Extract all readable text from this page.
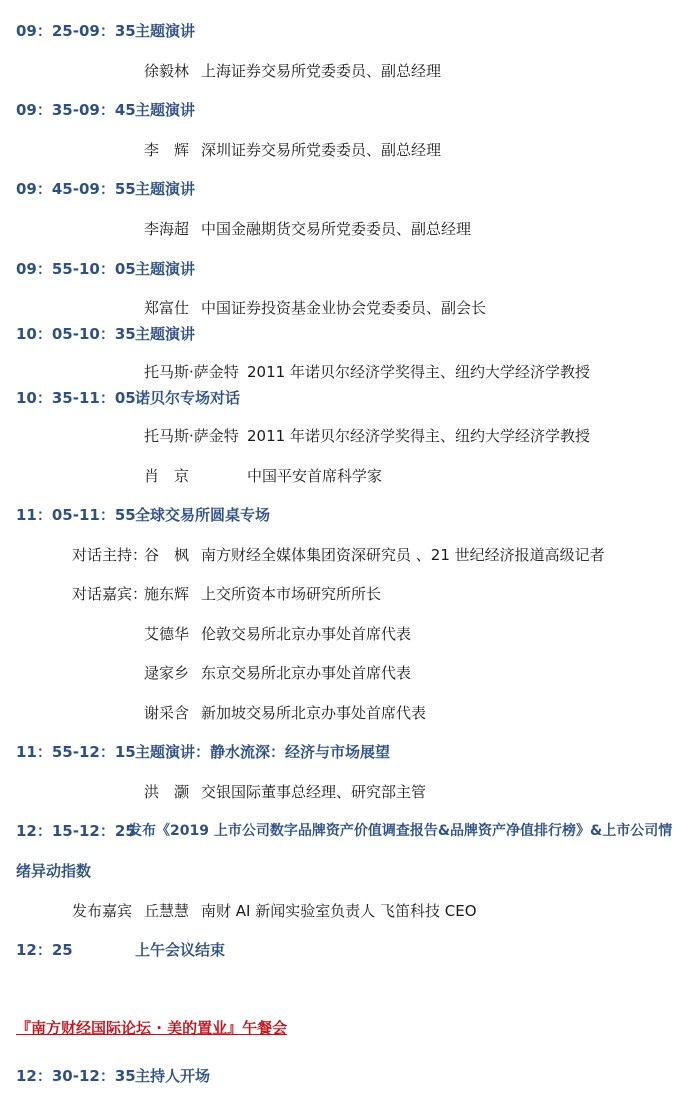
09：25-09：35 主题演讲
徐毅林 上海证券交易所党委委员、副总经理
09：35-09：45 主题演讲
李　辉 深圳证券交易所党委委员、副总经理
09：45-09：55 主题演讲
李海超 中国金融期货交易所党委委员、副总经理
09：55-10：05 主题演讲
郑富仕 中国证券投资基金业协会党委委员、副会长
10：05-10：35 主题演讲
托马斯·萨金特 2011 年诺贝尔经济学奖得主、纽约大学经济学教授
10：35-11：05 诺贝尔专场对话
托马斯·萨金特 2011 年诺贝尔经济学奖得主、纽约大学经济学教授
肖　京	中国平安首席科学家
11：05-11：55 全球交易所圆桌专场
对话主持：
谷　枫 南方财经全媒体集团资深研究员 、21 世纪经济报道高级记者
对话嘉宾：
施东辉 上交所资本市场研究所所长
艾德华 伦敦交易所北京办事处首席代表
逯家乡 东京交易所北京办事处首席代表
谢采含 新加坡交易所北京办事处首席代表
11：55-12：15 主题演讲：静水流深：经济与市场展望
洪　灏 交银国际董事总经理、研究部主管
12：15-12：25
发布《2019 上市公司数字品牌资产价值调查报告&品牌资产净值排行榜》&上市公司情
绪异动指数
发布嘉宾 丘慧慧 南财 AI 新闻实验室负责人 飞笛科技 CEO
12：25	上午会议结束
『南方财经国际论坛 · 美的置业』午餐会
12：30-12：35 主持人开场
